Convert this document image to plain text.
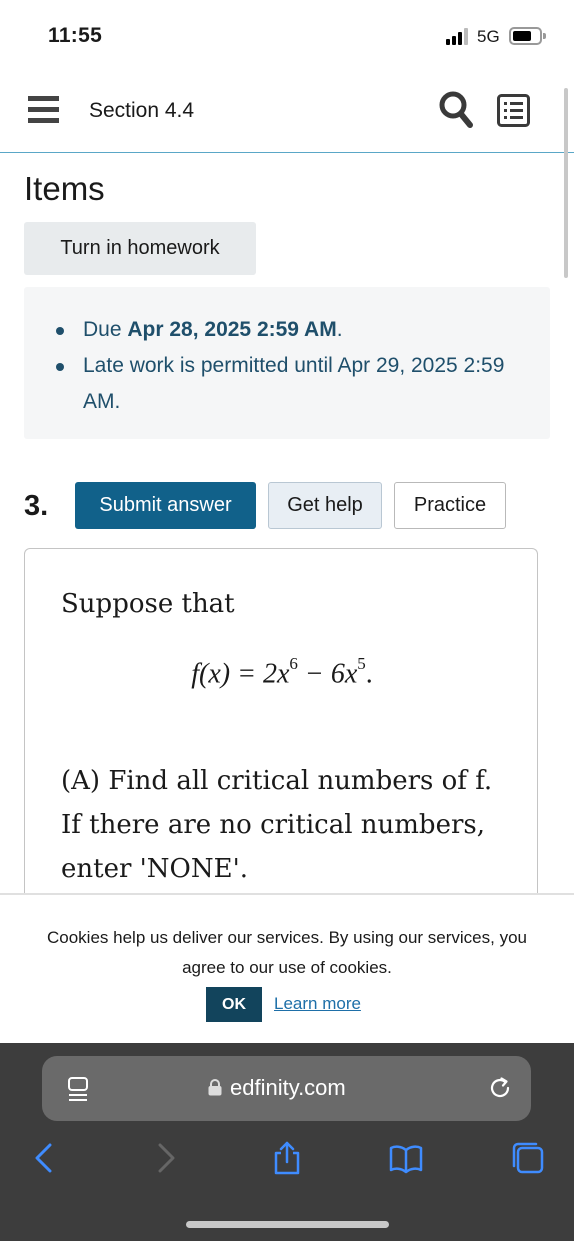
11:55	5G
Section 4.4
Items
Turn in homework
Due Apr 28, 2025 2:59 AM.
Late work is permitted until Apr 29, 2025 2:59 AM.
3.	Submit answer	Get help	Practice

Suppose that

$f(x) = 2x^6 - 6x^5$.

(A) Find all critical numbers of f. If there are no critical numbers, enter 'NONE'.

Cookies help us deliver our services. By using our services, you agree to our use of cookies.

OK	Learn more
edfinity.com
